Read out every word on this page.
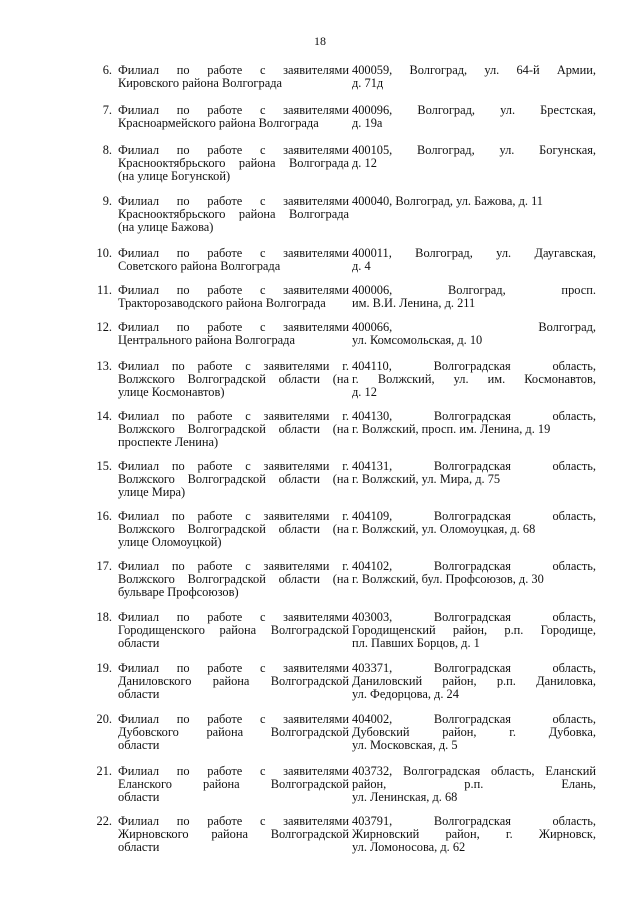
18
6. Филиал по работе с заявителями
Кировского района Волгограда
400059, Волгоград, ул. 64-й Армии,
д. 71д
7. Филиал по работе с заявителями
Красноармейского района Волгограда
400096, Волгоград, ул. Брестская,
д. 19а
8. Филиал по работе с заявителями
Краснооктябрьского района Волгограда
(на улице Богунской)
400105, Волгоград, ул. Богунская,
д. 12
9. Филиал по работе с заявителями
Краснооктябрьского района Волгограда
(на улице Бажова)
400040, Волгоград, ул. Бажова, д. 11
10. Филиал по работе с заявителями
Советского района Волгограда
400011, Волгоград, ул. Даугавская,
д. 4
11. Филиал по работе с заявителями
Тракторозаводского района Волгограда
400006, Волгоград, просп.
им. В.И. Ленина, д. 211
12. Филиал по работе с заявителями
Центрального района Волгограда
400066, Волгоград,
ул. Комсомольская, д. 10
13. Филиал по работе с заявителями г.
Волжского Волгоградской области (на
улице Космонавтов)
404110, Волгоградская область,
г. Волжский, ул. им. Космонавтов,
д. 12
14. Филиал по работе с заявителями г.
Волжского Волгоградской области (на
проспекте Ленина)
404130, Волгоградская область,
г. Волжский, просп. им. Ленина, д. 19
15. Филиал по работе с заявителями г.
Волжского Волгоградской области (на
улице Мира)
404131, Волгоградская область,
г. Волжский, ул. Мира, д. 75
16. Филиал по работе с заявителями г.
Волжского Волгоградской области (на
улице Оломоуцкой)
404109, Волгоградская область,
г. Волжский, ул. Оломоуцкая, д. 68
17. Филиал по работе с заявителями г.
Волжского Волгоградской области (на
бульваре Профсоюзов)
404102, Волгоградская область,
г. Волжский, бул. Профсоюзов, д. 30
18. Филиал по работе с заявителями
Городищенского района Волгоградской
области
403003, Волгоградская область,
Городищенский район, р.п. Городище,
пл. Павших Борцов, д. 1
19. Филиал по работе с заявителями
Даниловского района Волгоградской
области
403371, Волгоградская область,
Даниловский район, р.п. Даниловка,
ул. Федорцова, д. 24
20. Филиал по работе с заявителями
Дубовского района Волгоградской
области
404002, Волгоградская область,
Дубовский район, г. Дубовка,
ул. Московская, д. 5
21. Филиал по работе с заявителями
Еланского района Волгоградской
области
403732, Волгоградская область, Еланский
район, р.п. Елань,
ул. Ленинская, д. 68
22. Филиал по работе с заявителями
Жирновского района Волгоградской
области
403791, Волгоградская область,
Жирновский район, г. Жирновск,
ул. Ломоносова, д. 62
